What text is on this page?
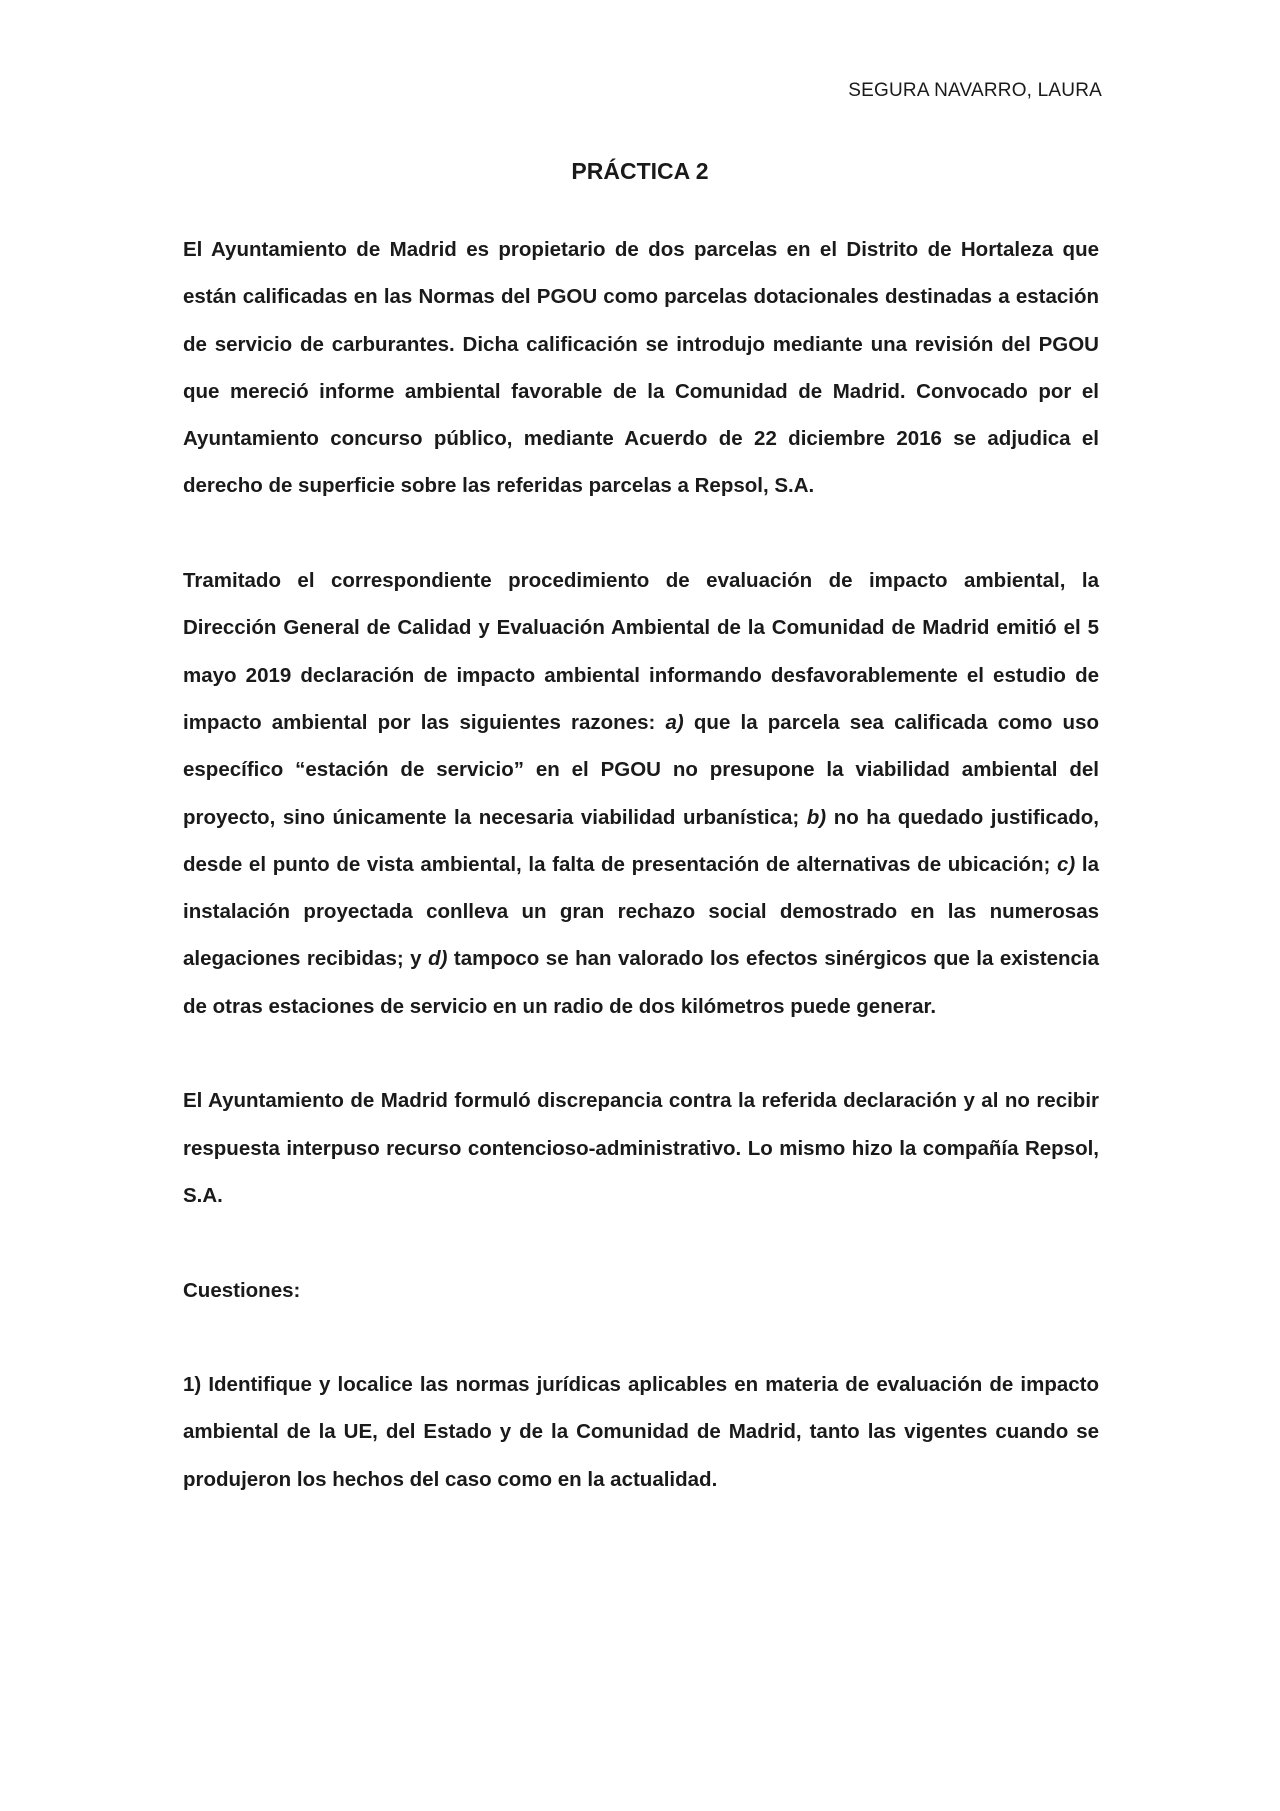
SEGURA NAVARRO, LAURA
PRÁCTICA 2

El Ayuntamiento de Madrid es propietario de dos parcelas en el Distrito de Hortaleza que están calificadas en las Normas del PGOU como parcelas dotacionales destinadas a estación de servicio de carburantes. Dicha calificación se introdujo mediante una revisión del PGOU que mereció informe ambiental favorable de la Comunidad de Madrid. Convocado por el Ayuntamiento concurso público, mediante Acuerdo de 22 diciembre 2016 se adjudica el derecho de superficie sobre las referidas parcelas a Repsol, S.A.

Tramitado el correspondiente procedimiento de evaluación de impacto ambiental, la Dirección General de Calidad y Evaluación Ambiental de la Comunidad de Madrid emitió el 5 mayo 2019 declaración de impacto ambiental informando desfavorablemente el estudio de impacto ambiental por las siguientes razones: a) que la parcela sea calificada como uso específico “estación de servicio” en el PGOU no presupone la viabilidad ambiental del proyecto, sino únicamente la necesaria viabilidad urbanística; b) no ha quedado justificado, desde el punto de vista ambiental, la falta de presentación de alternativas de ubicación; c) la instalación proyectada conlleva un gran rechazo social demostrado en las numerosas alegaciones recibidas; y d) tampoco se han valorado los efectos sinérgicos que la existencia de otras estaciones de servicio en un radio de dos kilómetros puede generar.

El Ayuntamiento de Madrid formuló discrepancia contra la referida declaración y al no recibir respuesta interpuso recurso contencioso-administrativo. Lo mismo hizo la compañía Repsol, S.A.

Cuestiones:

1) Identifique y localice las normas jurídicas aplicables en materia de evaluación de impacto ambiental de la UE, del Estado y de la Comunidad de Madrid, tanto las vigentes cuando se produjeron los hechos del caso como en la actualidad.
